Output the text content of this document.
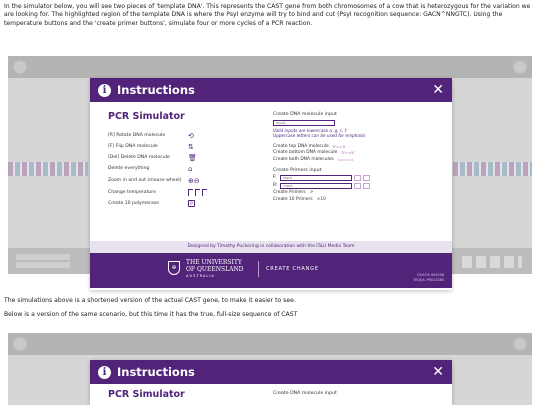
In the simulator below, you will see two pieces of 'template DNA'. This represents the CAST gene from both chromosomes of a cow that is heterozygous for the variation we are looking for. The highlighted region of the template DNA is where the PsyI enzyme will try to bind and cut (PsyI recognition sequence: GACN^NNGTC). Using the temperature buttons and the 'create primer buttons', simulate four or more cycles of a PCR reaction.
i Instructions	✕
PCR Simulator
[R] Rotate DNA molecule	⟲
[F] Flip DNA molecule	⇅
[Del] Delete DNA molecule	🗑
Delete everything	⌂
Zoom in and out (mouse wheel) ⊕⊖
Change temperature
Create 10 polymerase	P
Create DNA molecule input
Input
Valid inputs are lowercase a, g, c, t
Uppercase letters can be used for emphasis
Create top DNA molecule 5'==3
Create bottom DNA molecule 3'==5'
Create both DNA molecules =====
Create Primers input
F:	Input
R:	Input
Create Primers >
Create 10 Primers ×10
Designed by Timothy Puckering in collaboration with the ITaLI Media Team
✠
THE UNIVERSITY
OF QUEENSLAND
AUSTRALIA
CREATE CHANGE
CRICOS 00025B
TEQSA: PRV12080
The simulations above is a shortened version of the actual CAST gene, to make it easier to see.
Below is a version of the same scenario, but this time it has the true, full-size sequence of CAST
i Instructions	✕
PCR Simulator	Create DNA molecule input
